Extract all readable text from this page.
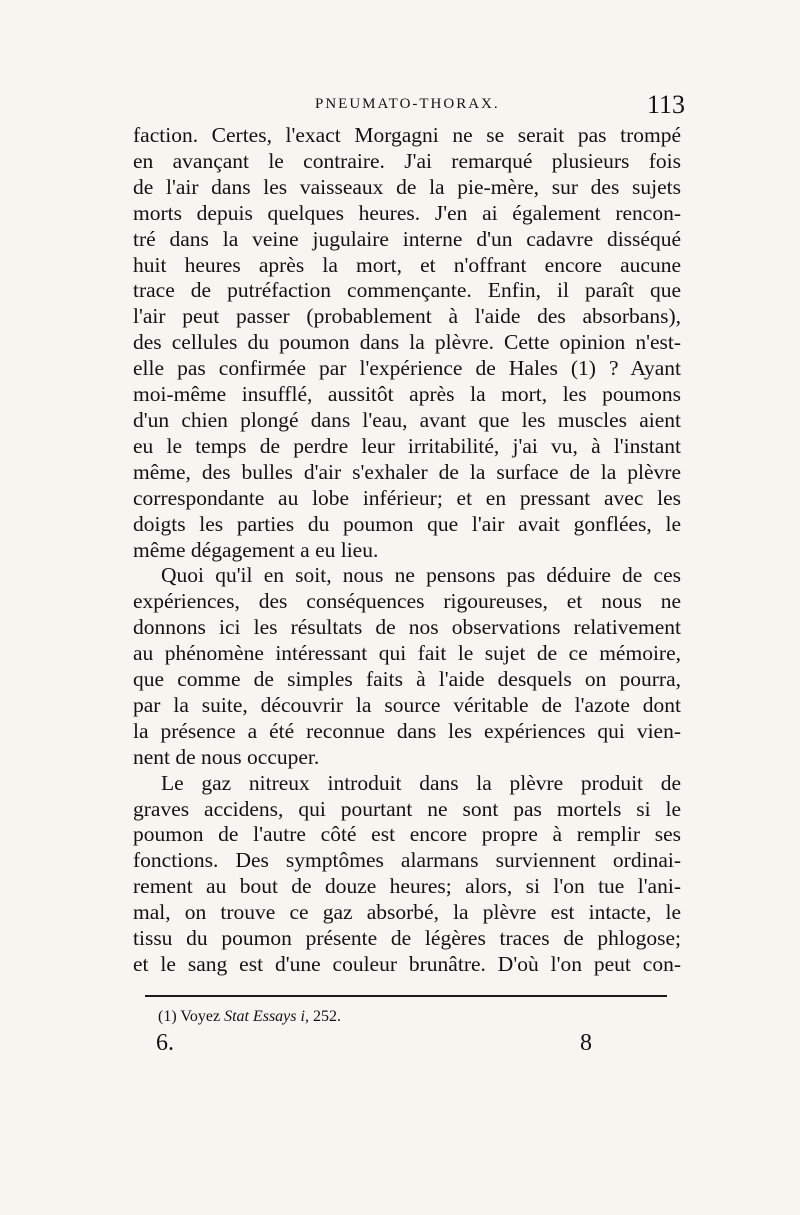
PNEUMATO-THORAX.	113
faction. Certes, l'exact Morgagni ne se serait pas trompé
en avançant le contraire. J'ai remarqué plusieurs fois
de l'air dans les vaisseaux de la pie-mère, sur des sujets
morts depuis quelques heures. J'en ai également rencon-
tré dans la veine jugulaire interne d'un cadavre disséqué
huit heures après la mort, et n'offrant encore aucune
trace de putréfaction commençante. Enfin, il paraît que
l'air peut passer (probablement à l'aide des absorbans),
des cellules du poumon dans la plèvre. Cette opinion n'est-
elle pas confirmée par l'expérience de Hales (1) ? Ayant
moi-même insufflé, aussitôt après la mort, les poumons
d'un chien plongé dans l'eau, avant que les muscles aient
eu le temps de perdre leur irritabilité, j'ai vu, à l'instant
même, des bulles d'air s'exhaler de la surface de la plèvre
correspondante au lobe inférieur; et en pressant avec les
doigts les parties du poumon que l'air avait gonflées, le
même dégagement a eu lieu.
Quoi qu'il en soit, nous ne pensons pas déduire de ces
expériences, des conséquences rigoureuses, et nous ne
donnons ici les résultats de nos observations relativement
au phénomène intéressant qui fait le sujet de ce mémoire,
que comme de simples faits à l'aide desquels on pourra,
par la suite, découvrir la source véritable de l'azote dont
la présence a été reconnue dans les expériences qui vien-
nent de nous occuper.
Le gaz nitreux introduit dans la plèvre produit de
graves accidens, qui pourtant ne sont pas mortels si le
poumon de l'autre côté est encore propre à remplir ses
fonctions. Des symptômes alarmans surviennent ordinai-
rement au bout de douze heures; alors, si l'on tue l'ani-
mal, on trouve ce gaz absorbé, la plèvre est intacte, le
tissu du poumon présente de légères traces de phlogose;
et le sang est d'une couleur brunâtre. D'où l'on peut con-
(1) Voyez Stat Essays i, 252.
6.	8
